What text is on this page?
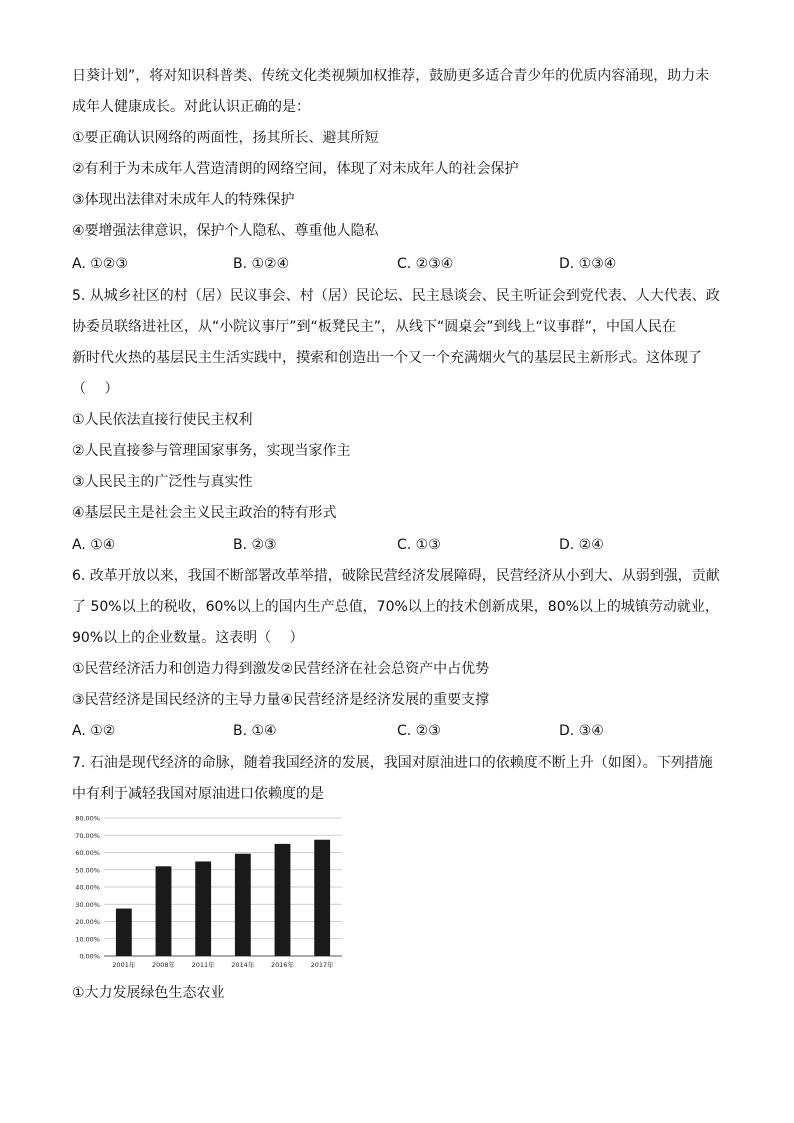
日葵计划”，将对知识科普类、传统文化类视频加权推荐，鼓励更多适合青少年的优质内容涌现，助力未
成年人健康成长。对此认识正确的是：
①要正确认识网络的两面性，扬其所长、避其所短
②有利于为未成年人营造清朗的网络空间，体现了对未成年人的社会保护
③体现出法律对未成年人的特殊保护
④要增强法律意识，保护个人隐私、尊重他人隐私
A. ①②③	B. ①②④	C. ②③④	D. ①③④
5. 从城乡社区的村（居）民议事会、村（居）民论坛、民主恳谈会、民主听证会到党代表、人大代表、政
协委员联络进社区，从“小院议事厅”到“板凳民主”，从线下“圆桌会”到线上“议事群”，中国人民在
新时代火热的基层民主生活实践中，摸索和创造出一个又一个充满烟火气的基层民主新形式。这体现了
（　 ）
①人民依法直接行使民主权利
②人民直接参与管理国家事务，实现当家作主
③人民民主的广泛性与真实性
④基层民主是社会主义民主政治的特有形式
A. ①④	B. ②③	C. ①③	D. ②④
6. 改革开放以来，我国不断部署改革举措，破除民营经济发展障碍，民营经济从小到大、从弱到强，贡献
了 50%以上的税收，60%以上的国内生产总值，70%以上的技术创新成果，80%以上的城镇劳动就业，
90%以上的企业数量。这表明（　 ）
①民营经济活力和创造力得到激发②民营经济在社会总资产中占优势
③民营经济是国民经济的主导力量④民营经济是经济发展的重要支撑
A. ①②	B. ①④	C. ②③	D. ③④
7. 石油是现代经济的命脉，随着我国经济的发展，我国对原油进口的依赖度不断上升（如图）。下列措施
中有利于减轻我国对原油进口依赖度的是
0.00%
10.00%
20.00%
30.00%
40.00%
50.00%
60.00%
70.00%
80.00%
2001年	2008年	2011年	2014年	2016年	2017年
①大力发展绿色生态农业
